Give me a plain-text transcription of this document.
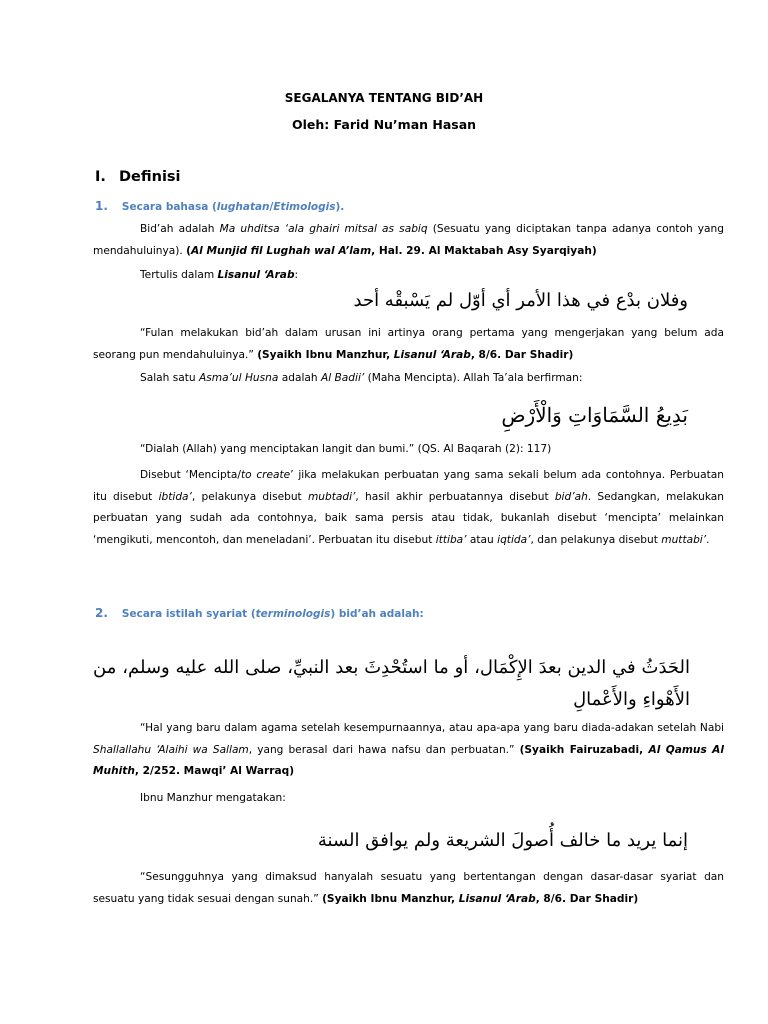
SEGALANYA TENTANG BID’AH
Oleh: Farid Nu’man Hasan
I. Definisi
1. Secara bahasa (lughatan/Etimologis).
Bid’ah adalah Ma uhditsa ‘ala ghairi mitsal as sabiq (Sesuatu yang diciptakan tanpa adanya contoh yang mendahuluinya). (Al Munjid fil Lughah wal A’lam, Hal. 29. Al Maktabah Asy Syarqiyah)
Tertulis dalam Lisanul ‘Arab:
وفلان بدْع في هذا الأمر أي أوّل لم يَسْبقْه أحد
“Fulan melakukan bid’ah dalam urusan ini artinya orang pertama yang mengerjakan yang belum ada seorang pun mendahuluinya.” (Syaikh Ibnu Manzhur, Lisanul ‘Arab, 8/6. Dar Shadir)
Salah satu Asma’ul Husna adalah Al Badii’ (Maha Mencipta). Allah Ta’ala berfirman:
بَدِيعُ السَّمَاوَاتِ وَالْأَرْضِ
“Dialah (Allah) yang menciptakan langit dan bumi.” (QS. Al Baqarah (2): 117)
Disebut ‘Mencipta/to create’ jika melakukan perbuatan yang sama sekali belum ada contohnya. Perbuatan itu disebut ibtida’, pelakunya disebut mubtadi’, hasil akhir perbuatannya disebut bid’ah. Sedangkan, melakukan perbuatan yang sudah ada contohnya, baik sama persis atau tidak, bukanlah disebut ‘mencipta’ melainkan ‘mengikuti, mencontoh, dan meneladani’. Perbuatan itu disebut ittiba’ atau iqtida’, dan pelakunya disebut muttabi’.
2. Secara istilah syariat (terminologis) bid’ah adalah:
الحَدَثُ في الدين بعدَ الإِكْمَال، أو ما استُحْدِثَ بعد النبيِّ، صلى الله عليه وسلم، من الأَهْواءِ والأَعْمالِ
“Hal yang baru dalam agama setelah kesempurnaannya, atau apa-apa yang baru diada-adakan setelah Nabi Shallallahu ‘Alaihi wa Sallam, yang berasal dari hawa nafsu dan perbuatan.” (Syaikh Fairuzabadi, Al Qamus Al Muhith, 2/252. Mawqi’ Al Warraq)
Ibnu Manzhur mengatakan:
إنما يريد ما خالف أُصولَ الشريعة ولم يوافق السنة
“Sesungguhnya yang dimaksud hanyalah sesuatu yang bertentangan dengan dasar-dasar syariat dan sesuatu yang tidak sesuai dengan sunah.” (Syaikh Ibnu Manzhur, Lisanul ‘Arab, 8/6. Dar Shadir)
